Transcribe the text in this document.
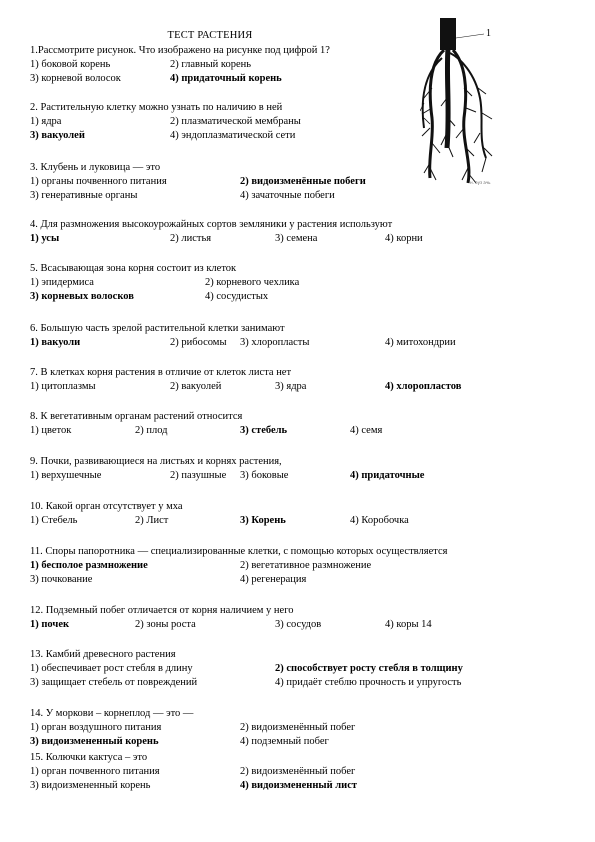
ТЕСТ РАСТЕНИЯ	1
н. оуз ачь
1.Рассмотрите рисунок. Что изображено на рисунке под цифрой 1?
1) боковой корень	2) главный корень
3) корневой волосок	4) придаточный корень
2. Растительную клетку можно узнать по наличию в ней
1) ядра	2) плазматической мембраны
3) вакуолей	4) эндоплазматической сети
3. Клубень и луковица — это
1) органы почвенного питания	2) видоизменённые побеги
3) генеративные органы	4) зачаточные побеги
4. Для размножения высокоурожайных сортов земляники у растения используют
1) усы	2) листья	3) семена	4) корни
5. Всасывающая зона корня состоит из клеток
1) эпидермиса	2) корневого чехлика
3) корневых волосков	4) сосудистых
6. Большую часть зрелой растительной клетки занимают
1) вакуоли	2) рибосомы 3) хлоропласты	4) митохондрии
7. В клетках корня растения в отличие от клеток листа нет
1) цитоплазмы	2) вакуолей	3) ядра	4) хлоропластов
8. К вегетативным органам растений относится
1) цветок	2) плод	3) стебель	4) семя
9. Почки, развивающиеся на листьях и корнях растения,
1) верхушечные	2) пазушные 3) боковые	4) придаточные
10. Какой орган отсутствует у мха
1) Стебель	2) Лист	3) Корень	4) Коробочка
11. Споры папоротника — специализированные клетки, с помощью которых осуществляется
1) бесполое размножение	2) вегетативное размножение
3) почкование	4) регенерация
12. Подземный побег отличается от корня наличием у него
1) почек	2) зоны роста	3) сосудов	4) коры 14
13. Камбий древесного растения
1) обеспечивает рост стебля в длину	2) способствует росту стебля в толщину
3) защищает стебель от повреждений	4) придаёт стеблю прочность и упругость
14. У моркови – корнеплод — это —
1) орган воздушного питания	2) видоизменённый побег
3) видоизмененный корень	4) подземный побег
15. Колючки кактуса – это
1) орган почвенного питания	2) видоизменённый побег
3) видоизмененный корень	4) видоизмененный лист
